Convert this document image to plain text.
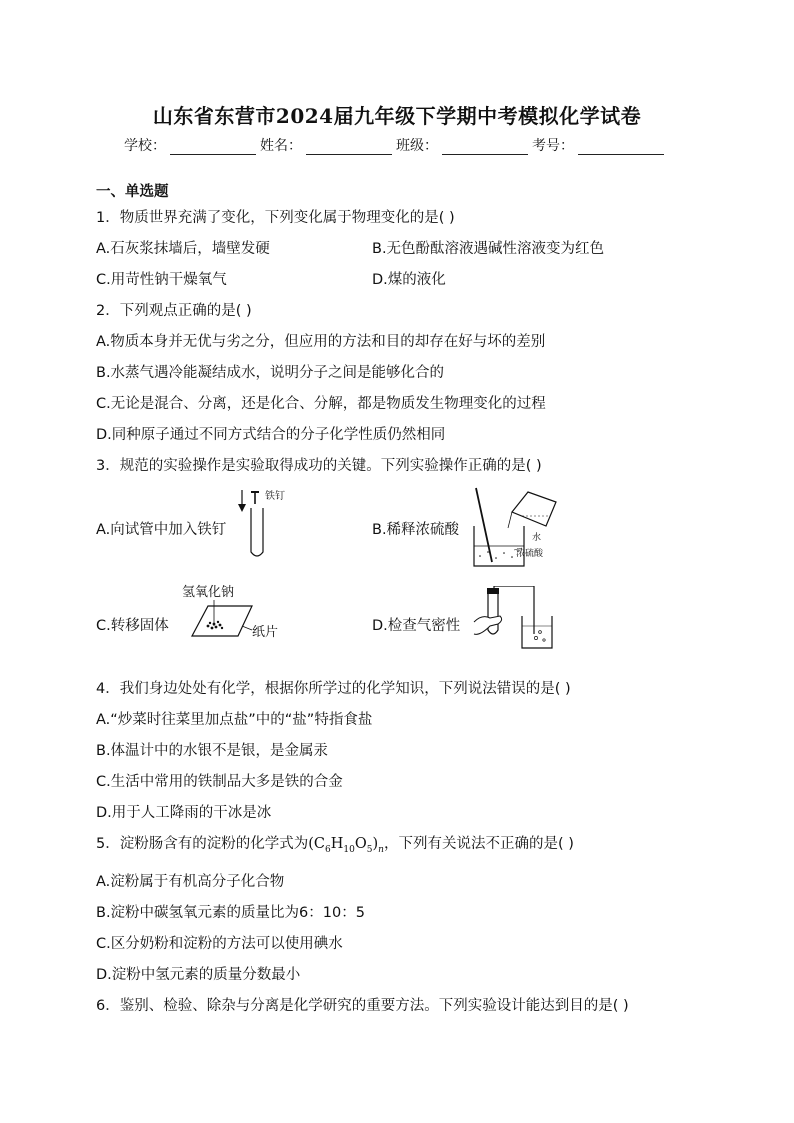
山东省东营市2024届九年级下学期中考模拟化学试卷
学校：	姓名：	班级：	考号：
一、单选题
1．物质世界充满了变化，下列变化属于物理变化的是( )
A.石灰浆抹墙后，墙壁发硬	B.无色酚酞溶液遇碱性溶液变为红色
C.用苛性钠干燥氧气	D.煤的液化
2．下列观点正确的是( )
A.物质本身并无优与劣之分，但应用的方法和目的却存在好与坏的差别
B.水蒸气遇冷能凝结成水，说明分子之间是能够化合的
C.无论是混合、分离，还是化合、分解，都是物质发生物理变化的过程
D.同种原子通过不同方式结合的分子化学性质仍然相同
3．规范的实验操作是实验取得成功的关键。下列实验操作正确的是( )
A.向试管中加入铁钉
铁钉
B.稀释浓硫酸	水
浓硫酸
C.转移固体
氢氧化钠
纸片	D.检查气密性
4．我们身边处处有化学，根据你所学过的化学知识，下列说法错误的是( )
A.“炒菜时往菜里加点盐”中的“盐”特指食盐
B.体温计中的水银不是银，是金属汞
C.生活中常用的铁制品大多是铁的合金
D.用于人工降雨的干冰是冰
5．淀粉肠含有的淀粉的化学式为$(C_6H_{10}O_5)_n$，下列有关说法不正确的是( )
A.淀粉属于有机高分子化合物
B.淀粉中碳氢氧元素的质量比为6：10：5
C.区分奶粉和淀粉的方法可以使用碘水
D.淀粉中氢元素的质量分数最小
6．鉴别、检验、除杂与分离是化学研究的重要方法。下列实验设计能达到目的是( )
